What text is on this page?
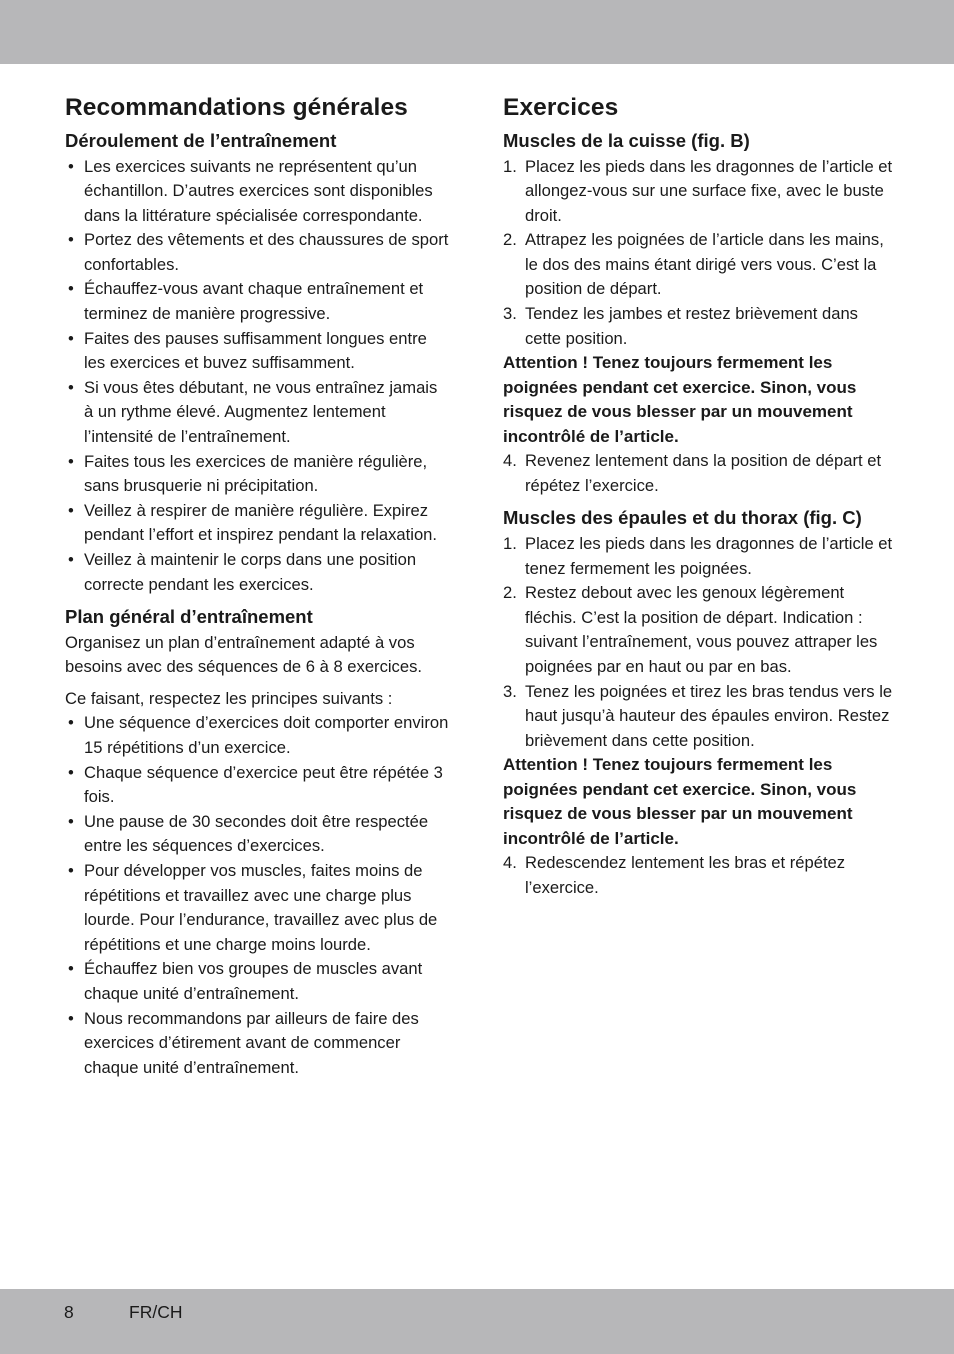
Recommandations générales
Déroulement de l’entraînement
• Les exercices suivants ne représentent qu’un échantillon. D’autres exercices sont disponibles dans la littérature spécialisée correspondante.
• Portez des vêtements et des chaussures de sport confortables.
• Échauffez-vous avant chaque entraînement et terminez de manière progressive.
• Faites des pauses suffisamment longues entre les exercices et buvez suffisamment.
• Si vous êtes débutant, ne vous entraînez jamais à un rythme élevé. Augmentez lentement l’intensité de l’entraînement.
• Faites tous les exercices de manière régulière, sans brusquerie ni précipitation.
• Veillez à respirer de manière régulière. Expirez pendant l’effort et inspirez pendant la relaxation.
• Veillez à maintenir le corps dans une position correcte pendant les exercices.
Plan général d’entraînement

Organisez un plan d’entraînement adapté à vos besoins avec des séquences de 6 à 8 exercices.

Ce faisant, respectez les principes suivants :

• Une séquence d’exercices doit comporter environ 15 répétitions d’un exercice.
• Chaque séquence d’exercice peut être répétée 3 fois.
• Une pause de 30 secondes doit être respectée entre les séquences d’exercices.
• Pour développer vos muscles, faites moins de répétitions et travaillez avec une charge plus lourde. Pour l’endurance, travaillez avec plus de répétitions et une charge moins lourde.
• Échauffez bien vos groupes de muscles avant chaque unité d’entraînement.
• Nous recommandons par ailleurs de faire des exercices d’étirement avant de commencer chaque unité d’entraînement.
Exercices
Muscles de la cuisse (fig. B)
1. Placez les pieds dans les dragonnes de l’article et allongez-vous sur une surface fixe, avec le buste droit.
2. Attrapez les poignées de l’article dans les mains, le dos des mains étant dirigé vers vous. C’est la position de départ.
3. Tendez les jambes et restez brièvement dans cette position.

Attention ! Tenez toujours fermement les poignées pendant cet exercice. Sinon, vous risquez de vous blesser par un mouvement incontrôlé de l’article.

4. Revenez lentement dans la position de départ et répétez l’exercice.
Muscles des épaules et du thorax (fig. C)
1. Placez les pieds dans les dragonnes de l’article et tenez fermement les poignées.
2. Restez debout avec les genoux légèrement fléchis. C’est la position de départ. Indication : suivant l’entraînement, vous pouvez attraper les poignées par en haut ou par en bas.
3. Tenez les poignées et tirez les bras tendus vers le haut jusqu’à hauteur des épaules environ. Restez brièvement dans cette position.

Attention ! Tenez toujours fermement les poignées pendant cet exercice. Sinon, vous risquez de vous blesser par un mouvement incontrôlé de l’article.

4. Redescendez lentement les bras et répétez l’exercice.
8	FR/CH
